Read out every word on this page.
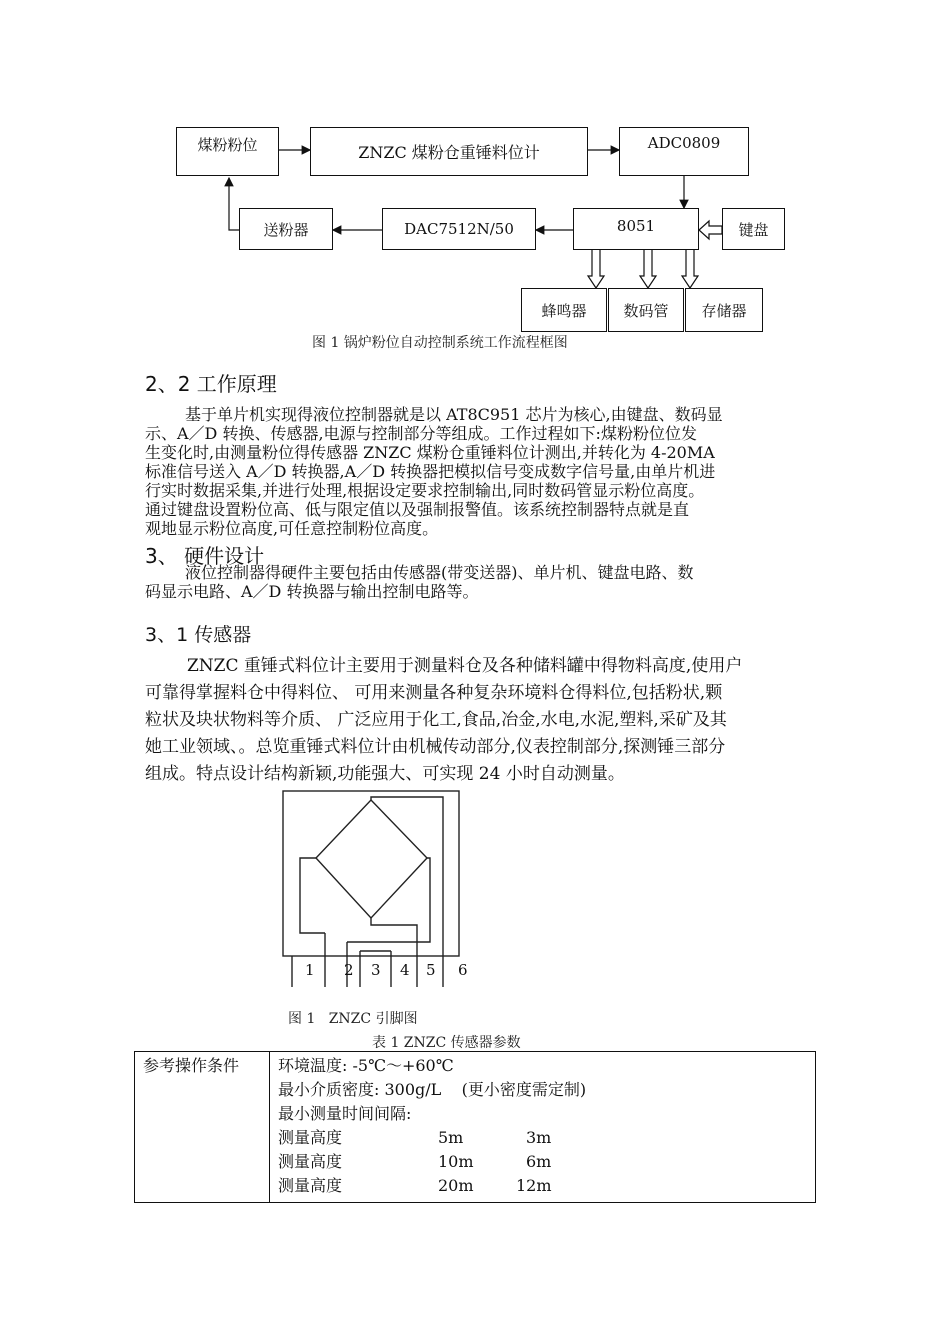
煤粉粉位	ZNZC 煤粉仓重锤料位计	ADC0809
送粉器	DAC7512N/50	8051	键盘
蜂鸣器	数码管	存储器
图 1 锅炉粉位自动控制系统工作流程框图
2、2 工作原理

基于单片机实现得液位控制器就是以 AT8C951 芯片为核心,由键盘、数码显

示、A／D 转换、传感器,电源与控制部分等组成。工作过程如下:煤粉粉位位发

生变化时,由测量粉位得传感器 ZNZC 煤粉仓重锤料位计测出,并转化为 4-20MA

标准信号送入 A／D 转换器,A／D 转换器把模拟信号变成数字信号量,由单片机进

行实时数据采集,并进行处理,根据设定要求控制输出,同时数码管显示粉位高度。

通过键盘设置粉位高、低与限定值以及强制报警值。该系统控制器特点就是直

观地显示粉位高度,可任意控制粉位高度。

3、 硬件设计

液位控制器得硬件主要包括由传感器(带变送器)、单片机、键盘电路、数

码显示电路、A／D 转换器与输出控制电路等。

3、1 传感器

ZNZC 重锤式料位计主要用于测量料仓及各种储料罐中得物料高度,使用户

可靠得掌握料仓中得料位、 可用来测量各种复杂环境料仓得料位,包括粉状,颗

粒状及块状物料等介质、 广泛应用于化工,食品,冶金,水电,水泥,塑料,采矿及其

她工业领域、。总览重锤式料位计由机械传动部分,仪表控制部分,探测锤三部分

组成。特点设计结构新颖,功能强大、可实现 24 小时自动测量。

1 2 3 4 5 6
图 1   ZNZC 引脚图
表 1 ZNZC 传感器参数
参考操作条件	环境温度: -5℃～+60℃
最小介质密度: 300g/L    (更小密度需定制)
最小测量时间间隔:
测量高度	5m	3m
测量高度	10m	6m
测量高度	20m	12m
